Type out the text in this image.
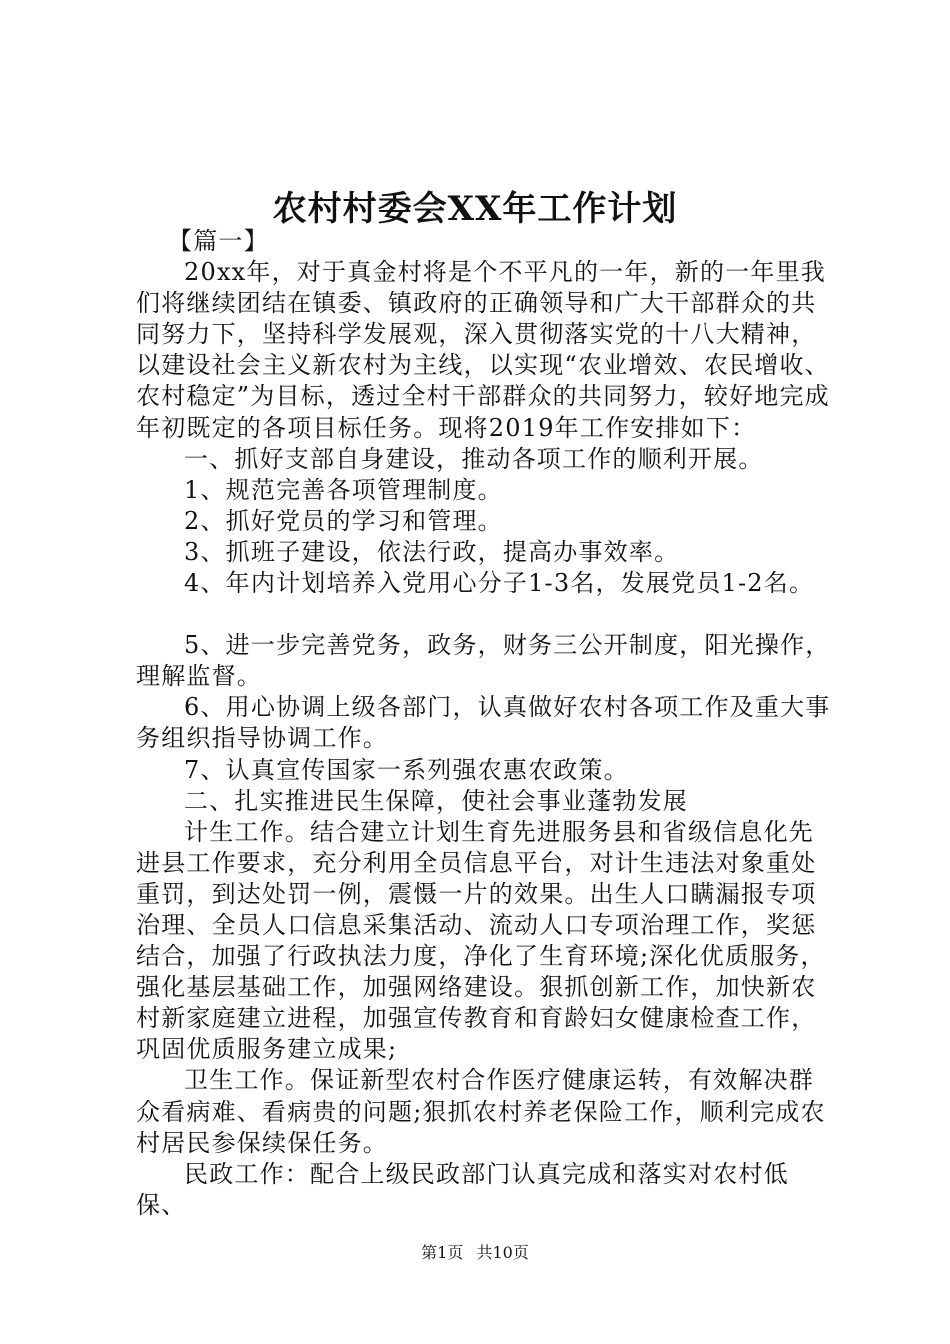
农村村委会XX年工作计划

【篇一】

20xx年，对于真金村将是个不平凡的一年，新的一年里我们将继续团结在镇委、镇政府的正确领导和广大干部群众的共同努力下，坚持科学发展观，深入贯彻落实党的十八大精神，以建设社会主义新农村为主线，以实现“农业增效、农民增收、农村稳定”为目标，透过全村干部群众的共同努力，较好地完成年初既定的各项目标任务。现将2019年工作安排如下：

一、抓好支部自身建设，推动各项工作的顺利开展。

1、规范完善各项管理制度。

2、抓好党员的学习和管理。

3、抓班子建设，依法行政，提高办事效率。

4、年内计划培养入党用心分子1-3名，发展党员1-2名。

5、进一步完善党务，政务，财务三公开制度，阳光操作，理解监督。

6、用心协调上级各部门，认真做好农村各项工作及重大事务组织指导协调工作。

7、认真宣传国家一系列强农惠农政策。

二、扎实推进民生保障，使社会事业蓬勃发展

计生工作。结合建立计划生育先进服务县和省级信息化先进县工作要求，充分利用全员信息平台，对计生违法对象重处重罚，到达处罚一例，震慑一片的效果。出生人口瞒漏报专项治理、全员人口信息采集活动、流动人口专项治理工作，奖惩结合，加强了行政执法力度，净化了生育环境;深化优质服务，强化基层基础工作，加强网络建设。狠抓创新工作，加快新农村新家庭建立进程，加强宣传教育和育龄妇女健康检查工作，巩固优质服务建立成果;

卫生工作。保证新型农村合作医疗健康运转，有效解决群众看病难、看病贵的问题;狠抓农村养老保险工作，顺利完成农村居民参保续保任务。

民政工作：配合上级民政部门认真完成和落实对农村低保、

第1页 共10页
